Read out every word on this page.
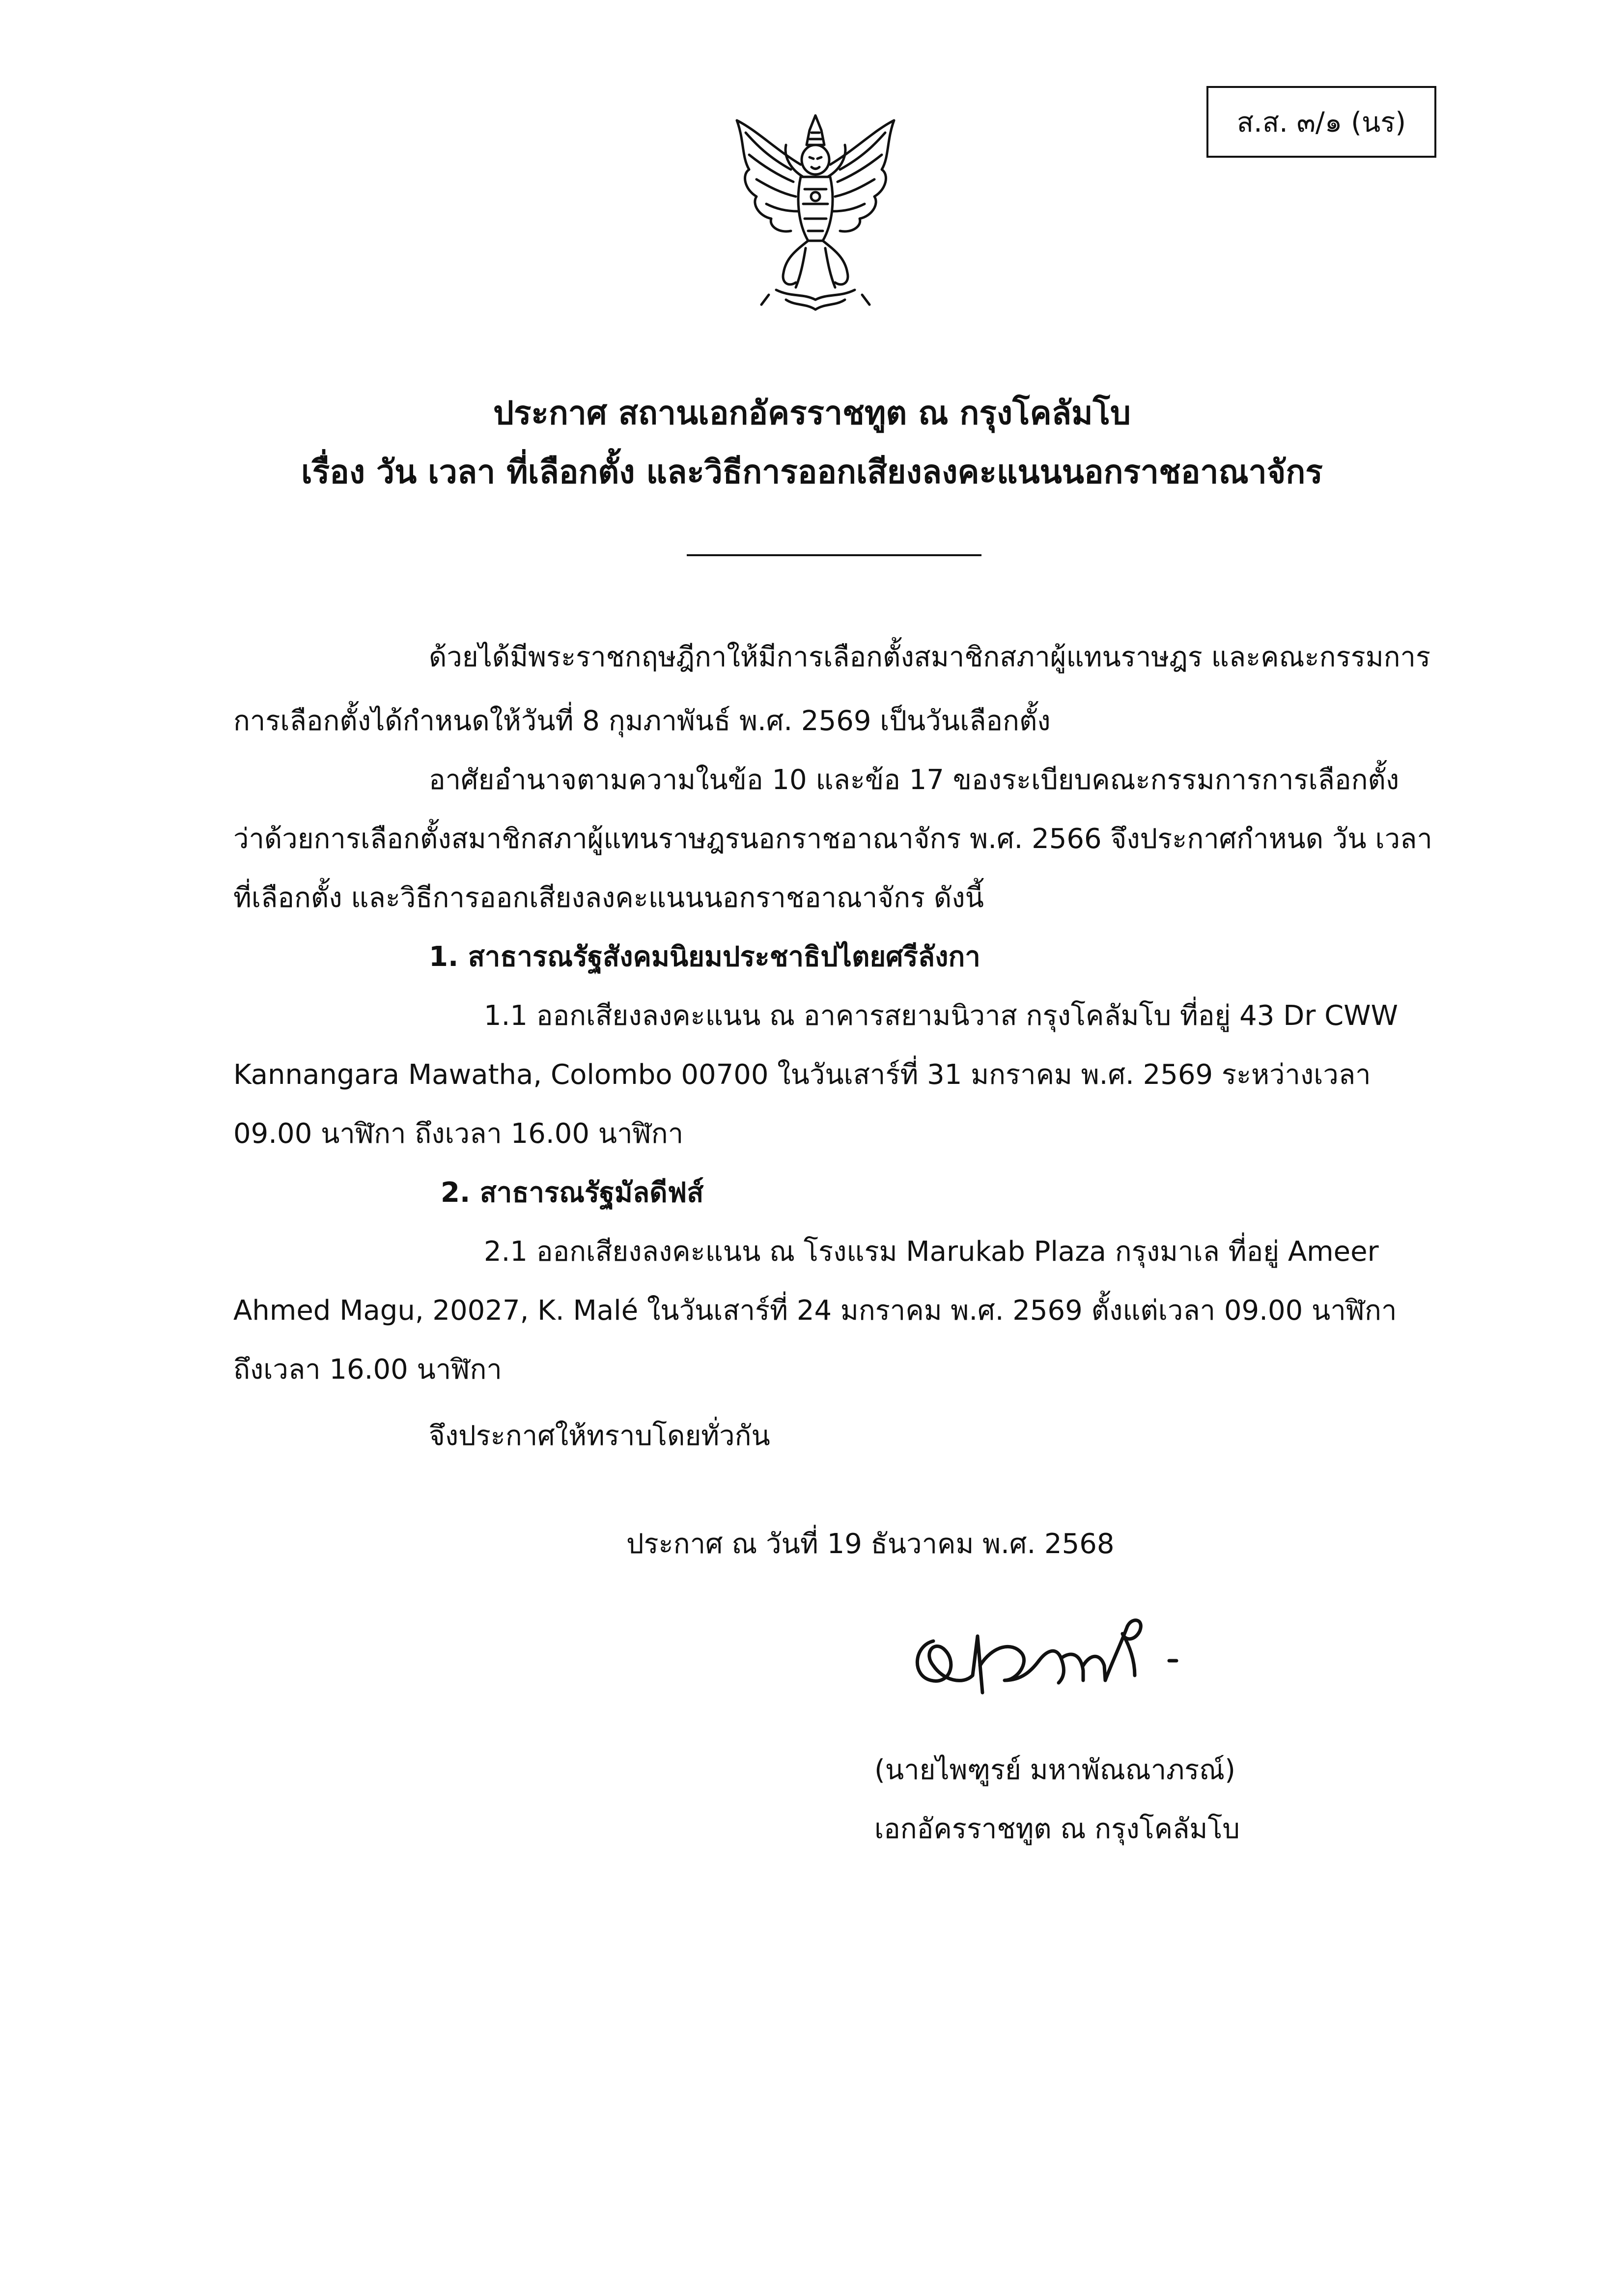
ส.ส. ๓/๑ (นร)
ประกาศ สถานเอกอัครราชทูต ณ กรุงโคลัมโบ
เรื่อง วัน เวลา ที่เลือกตั้ง และวิธีการออกเสียงลงคะแนนนอกราชอาณาจักร
ด้วยได้มีพระราชกฤษฎีกาให้มีการเลือกตั้งสมาชิกสภาผู้แทนราษฎร และคณะกรรมการ
การเลือกตั้งได้กำหนดให้วันที่ 8 กุมภาพันธ์ พ.ศ. 2569 เป็นวันเลือกตั้ง
อาศัยอำนาจตามความในข้อ 10 และข้อ 17 ของระเบียบคณะกรรมการการเลือกตั้ง
ว่าด้วยการเลือกตั้งสมาชิกสภาผู้แทนราษฎรนอกราชอาณาจักร พ.ศ. 2566 จึงประกาศกำหนด วัน เวลา
ที่เลือกตั้ง และวิธีการออกเสียงลงคะแนนนอกราชอาณาจักร ดังนี้
1. สาธารณรัฐสังคมนิยมประชาธิปไตยศรีลังกา
1.1 ออกเสียงลงคะแนน ณ อาคารสยามนิวาส กรุงโคลัมโบ ที่อยู่ 43 Dr CWW
Kannangara Mawatha, Colombo 00700 ในวันเสาร์ที่ 31 มกราคม พ.ศ. 2569 ระหว่างเวลา
09.00 นาฬิกา ถึงเวลา 16.00 นาฬิกา
2. สาธารณรัฐมัลดีฟส์
2.1 ออกเสียงลงคะแนน ณ โรงแรม Marukab Plaza กรุงมาเล ที่อยู่ Ameer
Ahmed Magu, 20027, K. Malé ในวันเสาร์ที่ 24 มกราคม พ.ศ. 2569 ตั้งแต่เวลา 09.00 นาฬิกา
ถึงเวลา 16.00 นาฬิกา
จึงประกาศให้ทราบโดยทั่วกัน
ประกาศ ณ วันที่ 19 ธันวาคม พ.ศ. 2568
(นายไพฑูรย์ มหาพัณณาภรณ์)
เอกอัครราชทูต ณ กรุงโคลัมโบ
